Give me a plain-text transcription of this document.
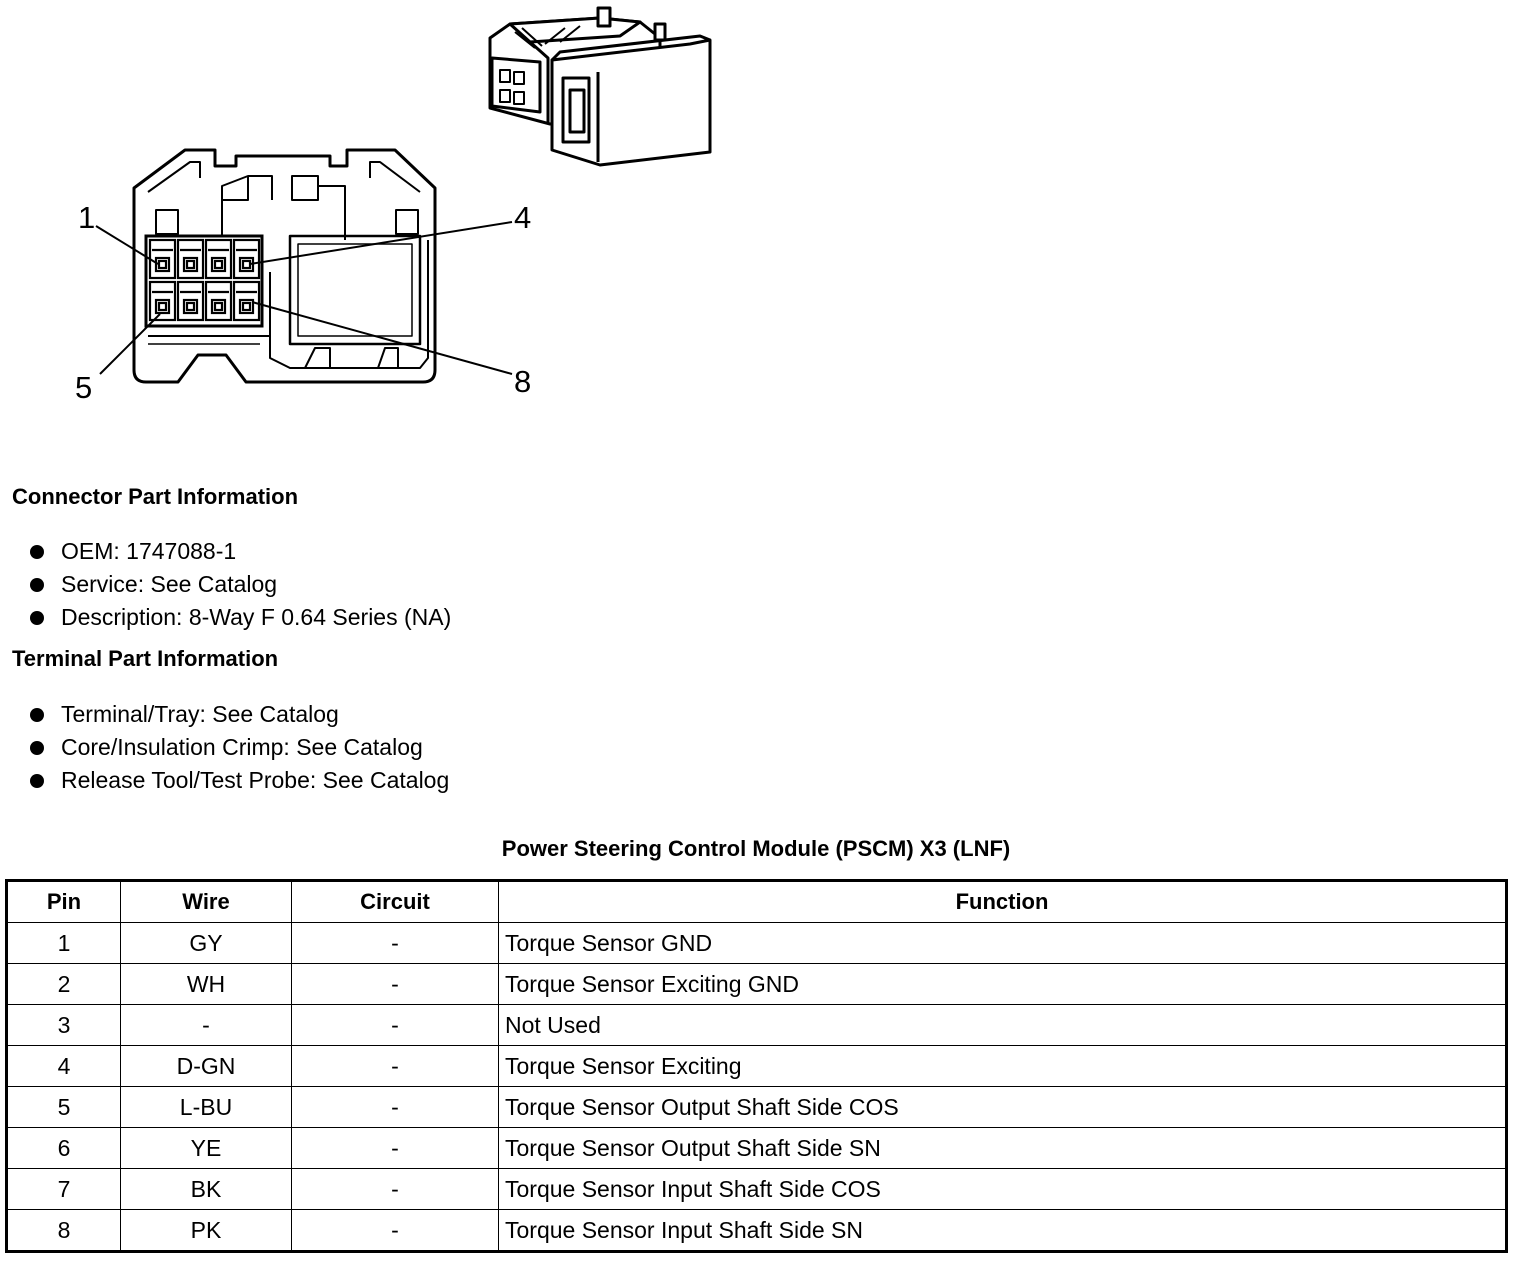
1	4
5	8
Connector Part Information
OEM: 1747088-1
Service: See Catalog
Description: 8-Way F 0.64 Series (NA)
Terminal Part Information
Terminal/Tray: See Catalog
Core/Insulation Crimp: See Catalog
Release Tool/Test Probe: See Catalog
Power Steering Control Module (PSCM) X3 (LNF)
Pin	Wire	Circuit	Function
1	GY	-	Torque Sensor GND
2	WH	-	Torque Sensor Exciting GND
3	-	-	Not Used
4	D-GN	-	Torque Sensor Exciting
5	L-BU	-	Torque Sensor Output Shaft Side COS
6	YE	-	Torque Sensor Output Shaft Side SN
7	BK	-	Torque Sensor Input Shaft Side COS
8	PK	-	Torque Sensor Input Shaft Side SN
